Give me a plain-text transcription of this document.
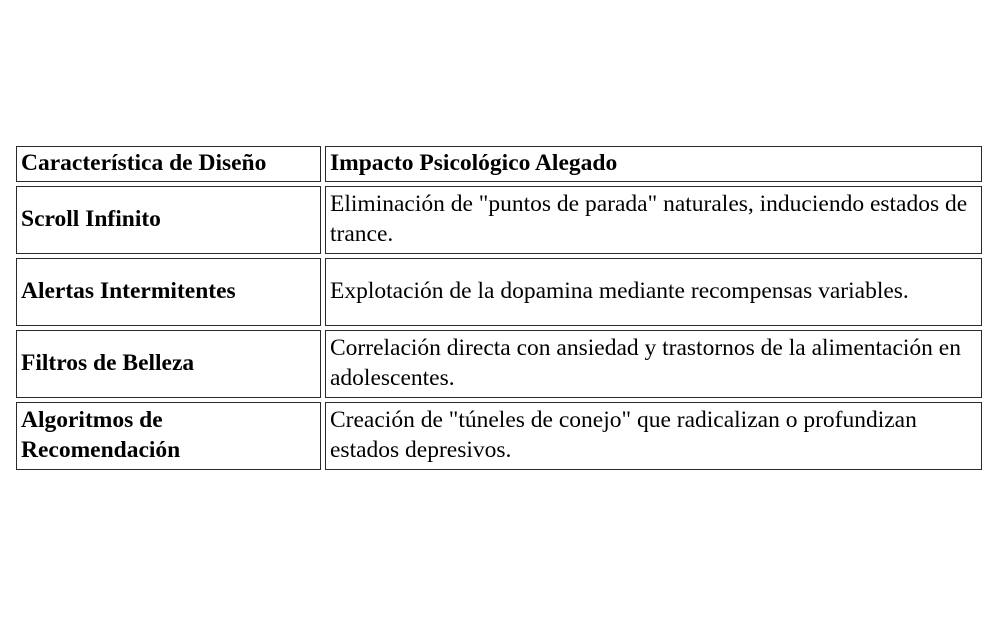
Característica de Diseño	Impacto Psicológico Alegado
Scroll Infinito	Eliminación de "puntos de parada" naturales, induciendo estados de trance.
Alertas Intermitentes	Explotación de la dopamina mediante recompensas variables.
Filtros de Belleza	Correlación directa con ansiedad y trastornos de la alimentación en adolescentes.
Algoritmos de Recomendación	Creación de "túneles de conejo" que radicalizan o profundizan estados depresivos.
